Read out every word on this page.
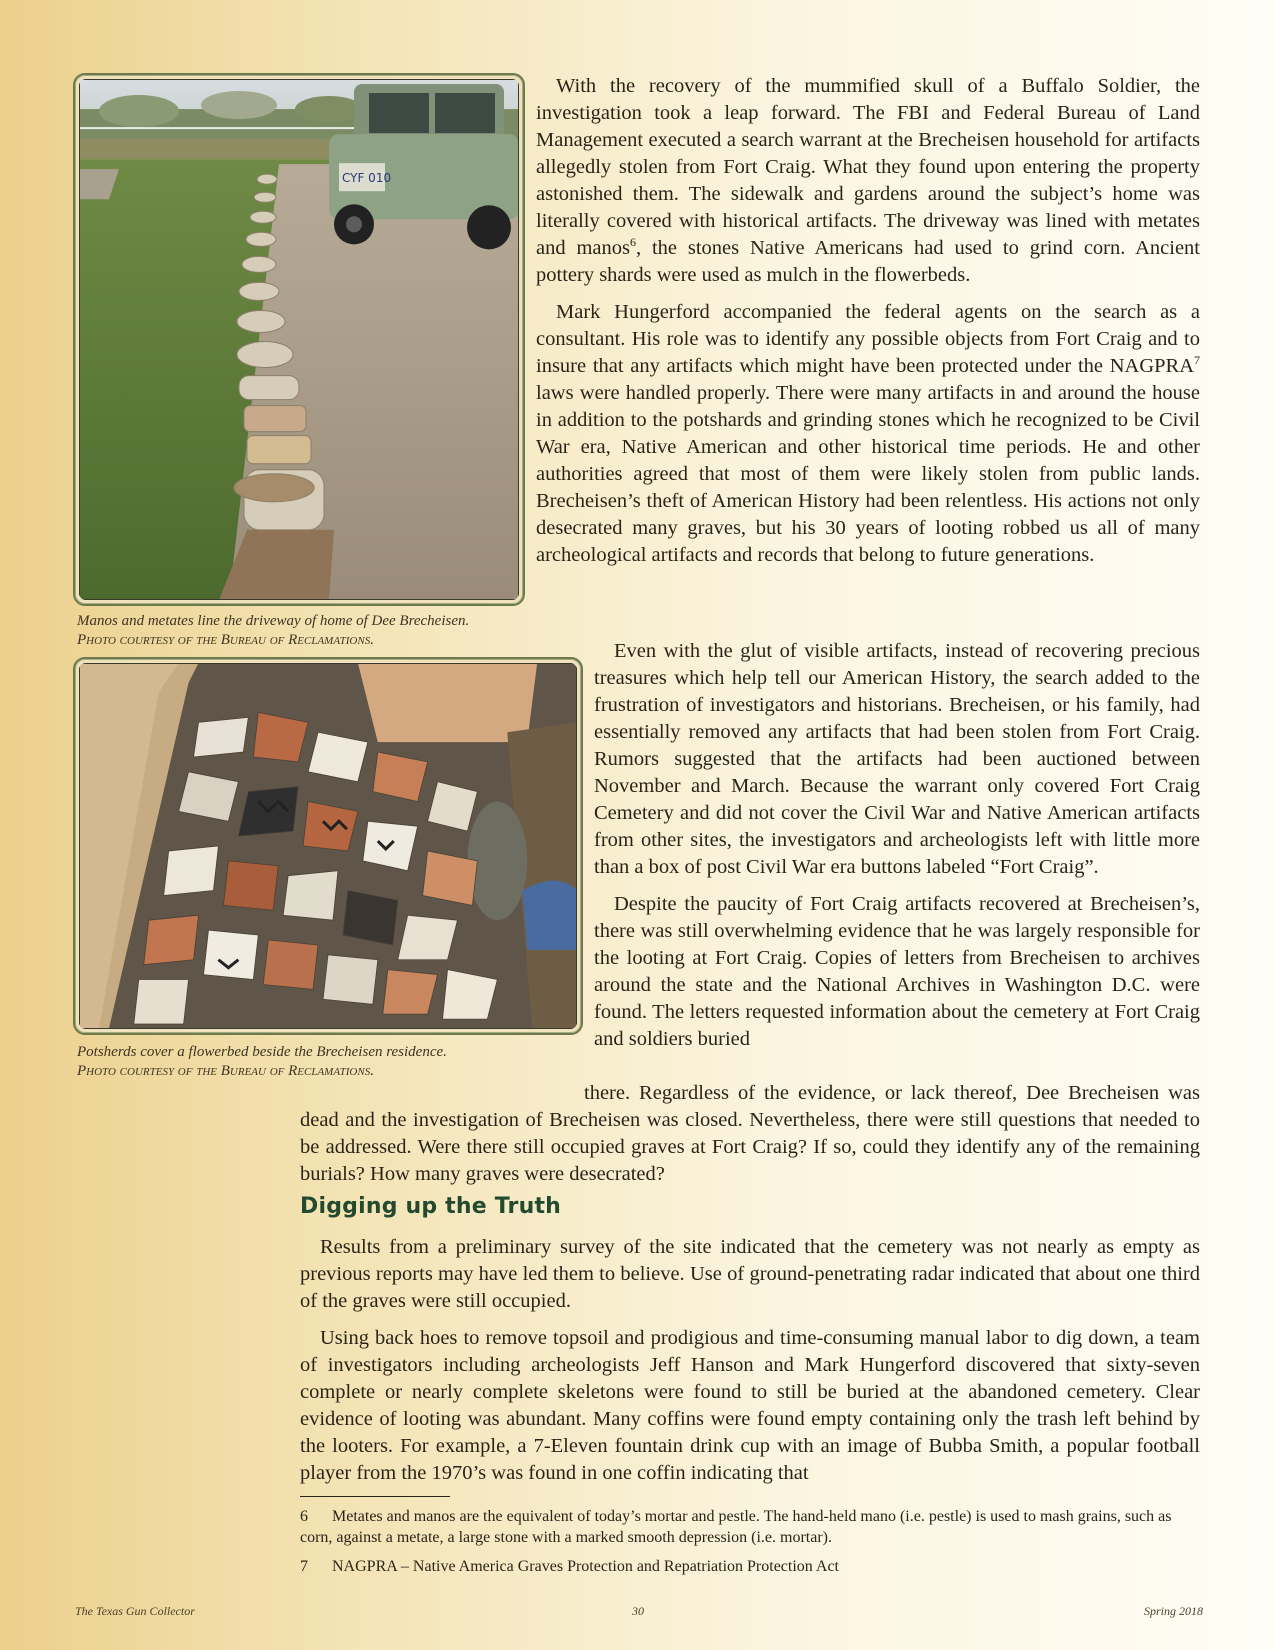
CYF 010

Manos and metates line the driveway of home of Dee Brecheisen.
Photo courtesy of the Bureau of Reclamations.

Potsherds cover a flowerbed beside the Brecheisen residence.
Photo courtesy of the Bureau of Reclamations.

With the recovery of the mummified skull of a Buffalo Soldier, the investigation took a leap forward. The FBI and Federal Bureau of Land Management executed a search warrant at the Brecheisen household for artifacts allegedly stolen from Fort Craig. What they found upon entering the property astonished them. The sidewalk and gardens around the subject’s home was literally covered with historical artifacts. The driveway was lined with metates and manos$^6$, the stones Native Americans had used to grind corn. Ancient pottery shards were used as mulch in the flowerbeds.

Mark Hungerford accompanied the federal agents on the search as a consultant. His role was to identify any possible objects from Fort Craig and to insure that any artifacts which might have been protected under the NAGPRA$^7$ laws were handled properly. There were many artifacts in and around the house in addition to the potshards and grinding stones which he recognized to be Civil War era, Native American and other historical time periods. He and other authorities agreed that most of them were likely stolen from public lands. Brecheisen’s theft of American History had been relentless. His actions not only desecrated many graves, but his 30 years of looting robbed us all of many archeological artifacts and records that belong to future generations.

Even with the glut of visible artifacts, instead of recovering precious treasures which help tell our American History, the search added to the frustration of investigators and historians. Brecheisen, or his family, had essentially removed any artifacts that had been stolen from Fort Craig. Rumors suggested that the artifacts had been auctioned between November and March. Because the warrant only covered Fort Craig Cemetery and did not cover the Civil War and Native American artifacts from other sites, the investigators and archeologists left with little more than a box of post Civil War era buttons labeled “Fort Craig”.

Despite the paucity of Fort Craig artifacts recovered at Brecheisen’s, there was still overwhelming evidence that he was largely responsible for the looting at Fort Craig. Copies of letters from Brecheisen to archives around the state and the National Archives in Washington D.C. were found. The letters requested information about the cemetery at Fort Craig and soldiers buried

there. Regardless of the evidence, or lack thereof, Dee Brecheisen was dead and the investigation of Brecheisen was closed. Nevertheless, there were still questions that needed to be addressed. Were there still occupied graves at Fort Craig? If so, could they identify any of the remaining burials? How many graves were desecrated?

Digging up the Truth

Results from a preliminary survey of the site indicated that the cemetery was not nearly as empty as previous reports may have led them to believe. Use of ground-penetrating radar indicated that about one third of the graves were still occupied.

Using back hoes to remove topsoil and prodigious and time-consuming manual labor to dig down, a team of investigators including archeologists Jeff Hanson and Mark Hungerford discovered that sixty-seven complete or nearly complete skeletons were found to still be buried at the abandoned cemetery. Clear evidence of looting was abundant. Many coffins were found empty containing only the trash left behind by the looters. For example, a 7-Eleven fountain drink cup with an image of Bubba Smith, a popular football player from the 1970’s was found in one coffin indicating that

6 Metates and manos are the equivalent of today’s mortar and pestle. The hand-held mano (i.e. pestle) is used to mash grains, such as corn, against a metate, a large stone with a marked smooth depression (i.e. mortar).

7 NAGPRA – Native America Graves Protection and Repatriation Protection Act

The Texas Gun Collector	30	Spring 2018
